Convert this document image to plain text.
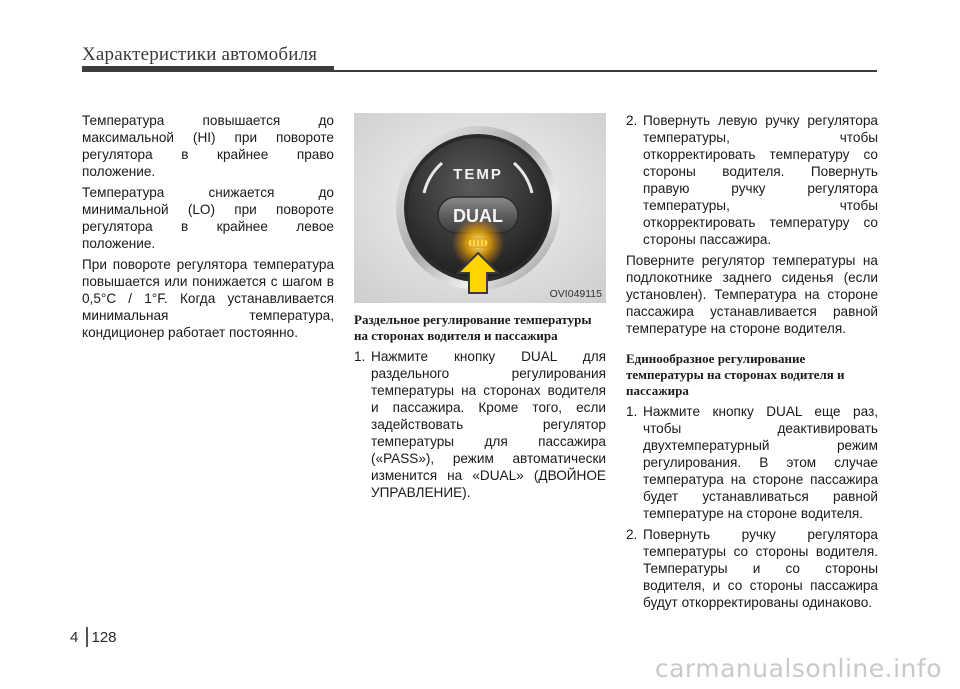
Характеристики автомобиля

Температура повышается до максимальной (HI) при повороте регулятора в крайнее право положение.

Температура снижается до минимальной (LO) при повороте регулятора в крайнее левое положение.

При повороте регулятора температура повышается или понижается с шагом в 0,5°C / 1°F. Когда устанавливается минимальная температура, кондиционер работает постоянно.

TEMP
DUAL
OVI049115
Раздельное регулирование температуры на сторонах водителя и пассажира
1. Нажмите кнопку DUAL для раздельного регулирования температуры на сторонах водителя и пассажира. Кроме того, если задействовать регулятор температуры для пассажира («PASS»), режим автоматически изменится на «DUAL» (ДВОЙНОЕ УПРАВЛЕНИЕ).
2. Повернуть левую ручку регулятора температуры, чтобы откорректировать температуру со стороны водителя. Повернуть правую ручку регулятора температуры, чтобы откорректировать температуру со стороны пассажира.

Поверните регулятор температуры на подлокотнике заднего сиденья (если установлен). Температура на стороне пассажира устанавливается равной температуре на стороне водителя.

Единообразное регулирование температуры на сторонах водителя и пассажира
1. Нажмите кнопку DUAL еще раз, чтобы деактивировать двухтемпературный режим регулирования. В этом случае температура на стороне пассажира будет устанавливаться равной температуре на стороне водителя.
2. Повернуть ручку регулятора температуры со стороны водителя. Температуры и со стороны водителя, и со стороны пассажира будут откорректированы одинаково.
4 128
carmanualsonline.info
